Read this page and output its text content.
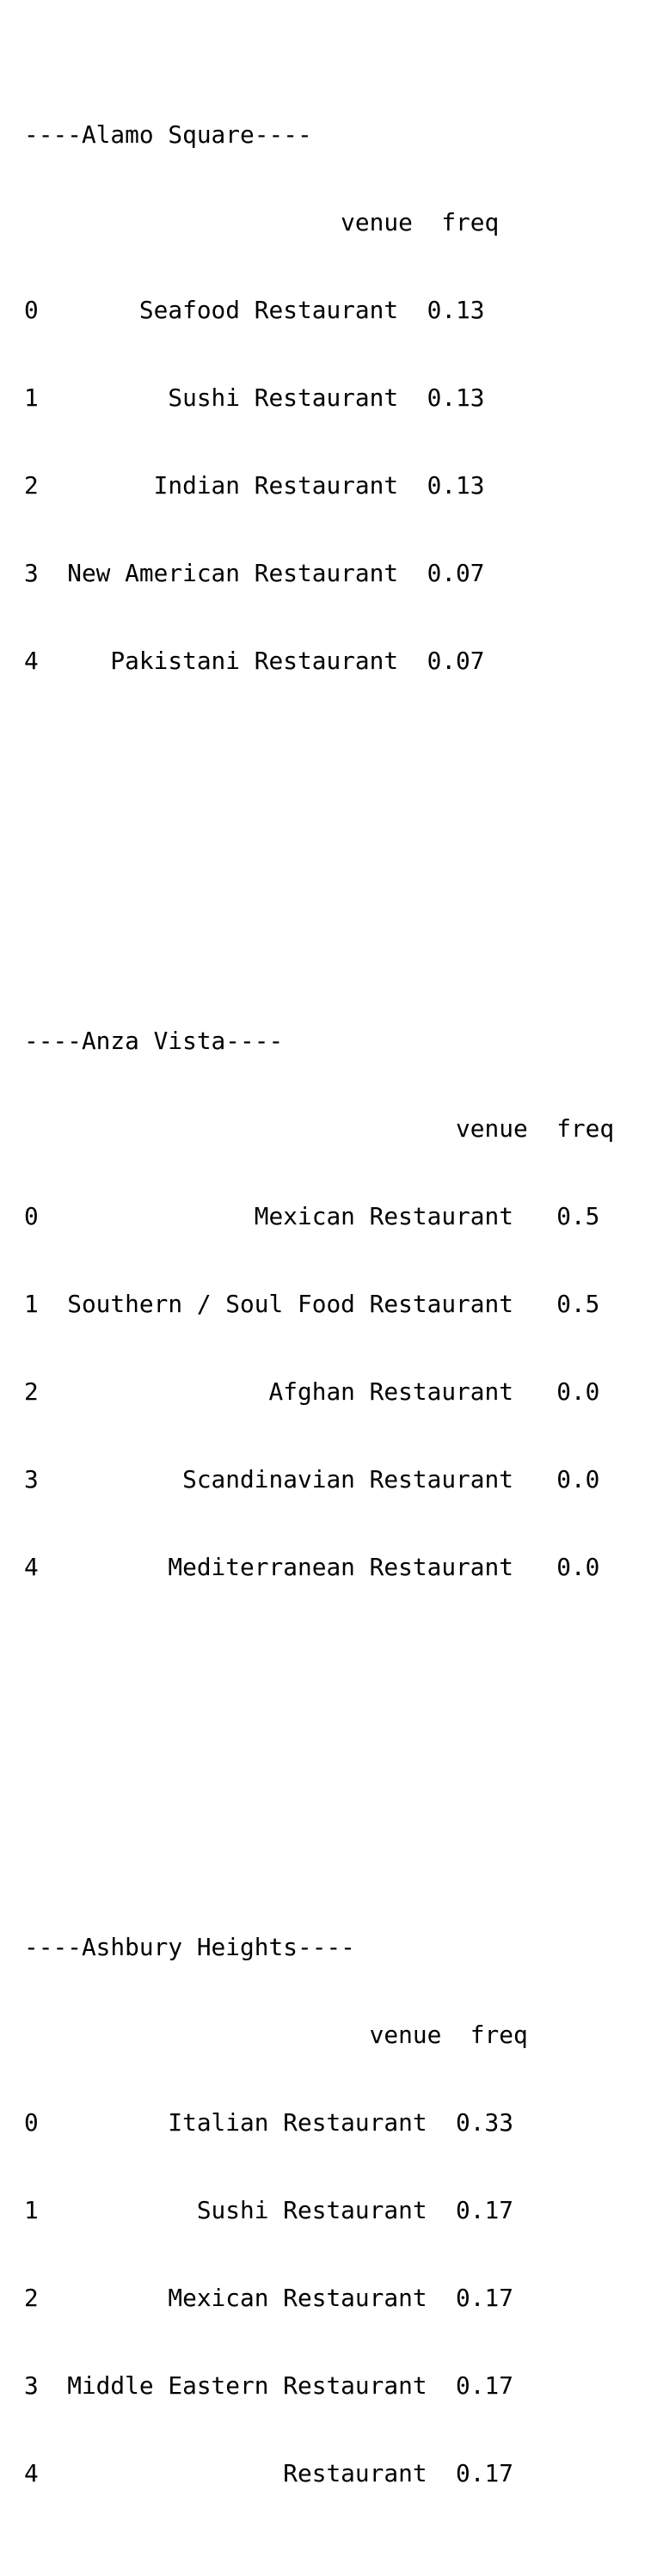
----Alamo Square----

venue  freq

0       Seafood Restaurant  0.13

1         Sushi Restaurant  0.13

2        Indian Restaurant  0.13

3  New American Restaurant  0.07

4     Pakistani Restaurant  0.07

----Anza Vista----

venue  freq

0               Mexican Restaurant   0.5

1  Southern / Soul Food Restaurant   0.5

2                Afghan Restaurant   0.0

3          Scandinavian Restaurant   0.0

4         Mediterranean Restaurant   0.0

----Ashbury Heights----

venue  freq

0         Italian Restaurant  0.33

1           Sushi Restaurant  0.17

2         Mexican Restaurant  0.17

3  Middle Eastern Restaurant  0.17

4                 Restaurant  0.17
